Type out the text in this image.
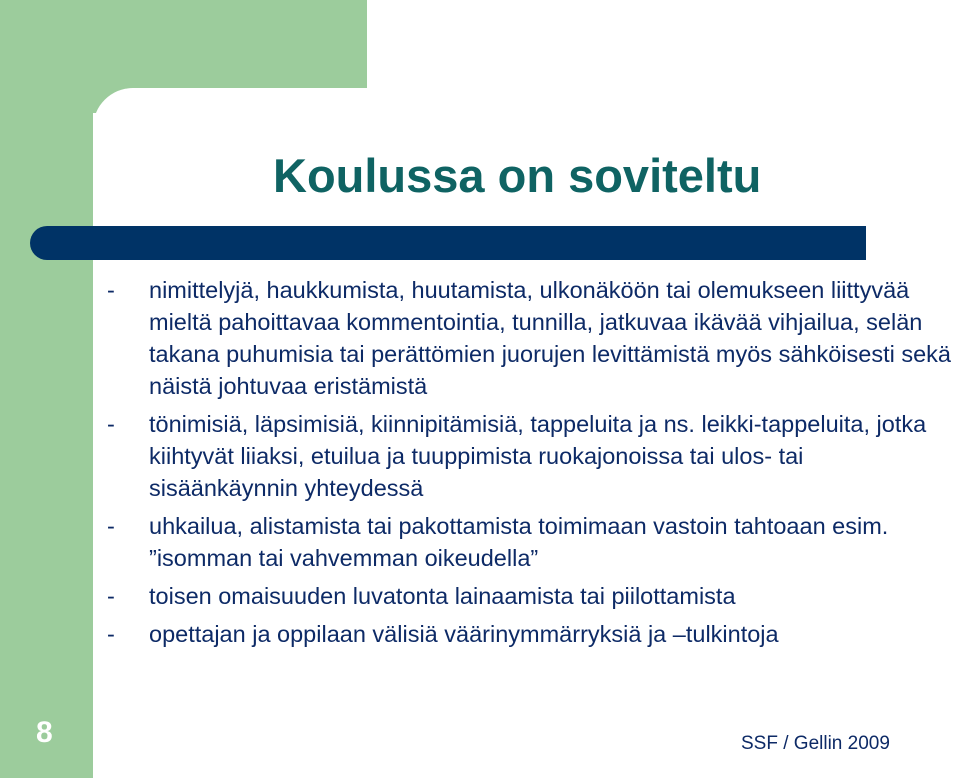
Koulussa on soviteltu
- nimittelyjä, haukkumista, huutamista, ulkonäköön tai olemukseen liittyvää mieltä pahoittavaa kommentointia, tunnilla, jatkuvaa ikävää vihjailua, selän takana puhumisia tai perättömien juorujen levittämistä myös sähköisesti sekä näistä johtuvaa eristämistä
- tönimisiä, läpsimisiä, kiinnipitämisiä, tappeluita ja ns. leikki-tappeluita, jotka kiihtyvät liiaksi, etuilua ja tuuppimista ruokajonoissa tai ulos- tai sisäänkäynnin yhteydessä
- uhkailua, alistamista tai pakottamista toimimaan vastoin tahtoaan esim. ”isomman tai vahvemman oikeudella”
- toisen omaisuuden luvatonta lainaamista tai piilottamista
- opettajan ja oppilaan välisiä väärinymmärryksiä ja –tulkintoja
8	SSF / Gellin 2009
